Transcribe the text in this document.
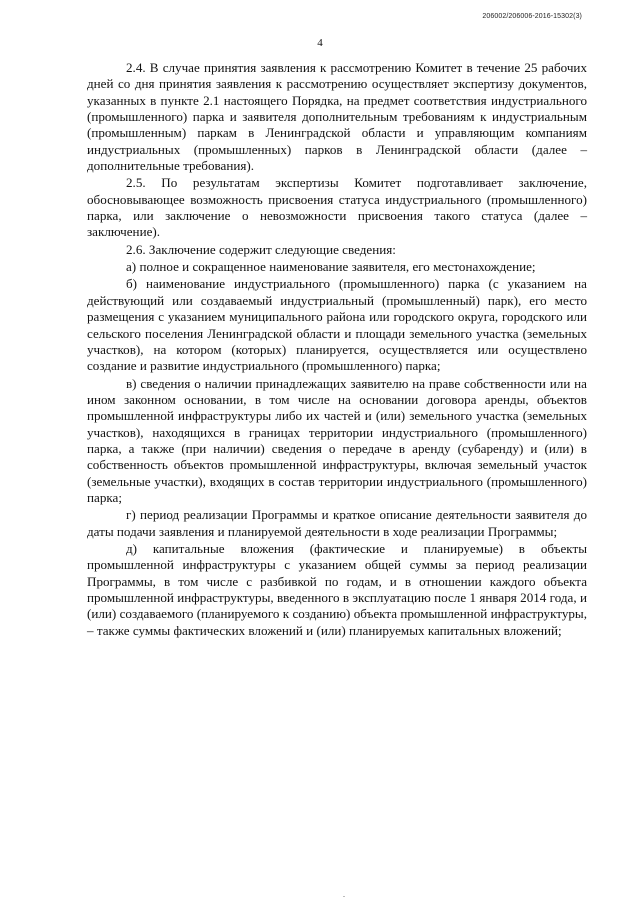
206002/206006-2016-15302(3)
4

2.4. В случае принятия заявления к рассмотрению Комитет в течение 25 рабочих дней со дня принятия заявления к рассмотрению осуществляет экспертизу документов, указанных в пункте 2.1 настоящего Порядка, на предмет соответствия индустриального (промышленного) парка и заявителя дополнительным требованиям к индустриальным (промышленным) паркам в Ленинградской области и управляющим компаниям индустриальных (промышленных) парков в Ленинградской области (далее – дополнительные требования).

2.5. По результатам экспертизы Комитет подготавливает заключение, обосновывающее возможность присвоения статуса индустриального (промышленного) парка, или заключение о невозможности присвоения такого статуса (далее – заключение).

2.6. Заключение содержит следующие сведения:

а) полное и сокращенное наименование заявителя, его местонахождение;

б) наименование индустриального (промышленного) парка (с указанием на действующий или создаваемый индустриальный (промышленный) парк), его место размещения с указанием муниципального района или городского округа, городского или сельского поселения Ленинградской области и площади земельного участка (земельных участков), на котором (которых) планируется, осуществляется или осуществлено создание и развитие индустриального (промышленного) парка;

в) сведения о наличии принадлежащих заявителю на праве собственности или на ином законном основании, в том числе на основании договора аренды, объектов промышленной инфраструктуры либо их частей и (или) земельного участка (земельных участков), находящихся в границах территории индустриального (промышленного) парка, а также (при наличии) сведения о передаче в аренду (субаренду) и (или) в собственность объектов промышленной инфраструктуры, включая земельный участок (земельные участки), входящих в состав территории индустриального (промышленного) парка;

г) период реализации Программы и краткое описание деятельности заявителя до даты подачи заявления и планируемой деятельности в ходе реализации Программы;

д) капитальные вложения (фактические и планируемые) в объекты промышленной инфраструктуры с указанием общей суммы за период реализации Программы, в том числе с разбивкой по годам, и в отношении каждого объекта промышленной инфраструктуры, введенного в эксплуатацию после 1 января 2014 года, и (или) создаваемого (планируемого к созданию) объекта промышленной инфраструктуры, – также суммы фактических вложений и (или) планируемых капитальных вложений;
